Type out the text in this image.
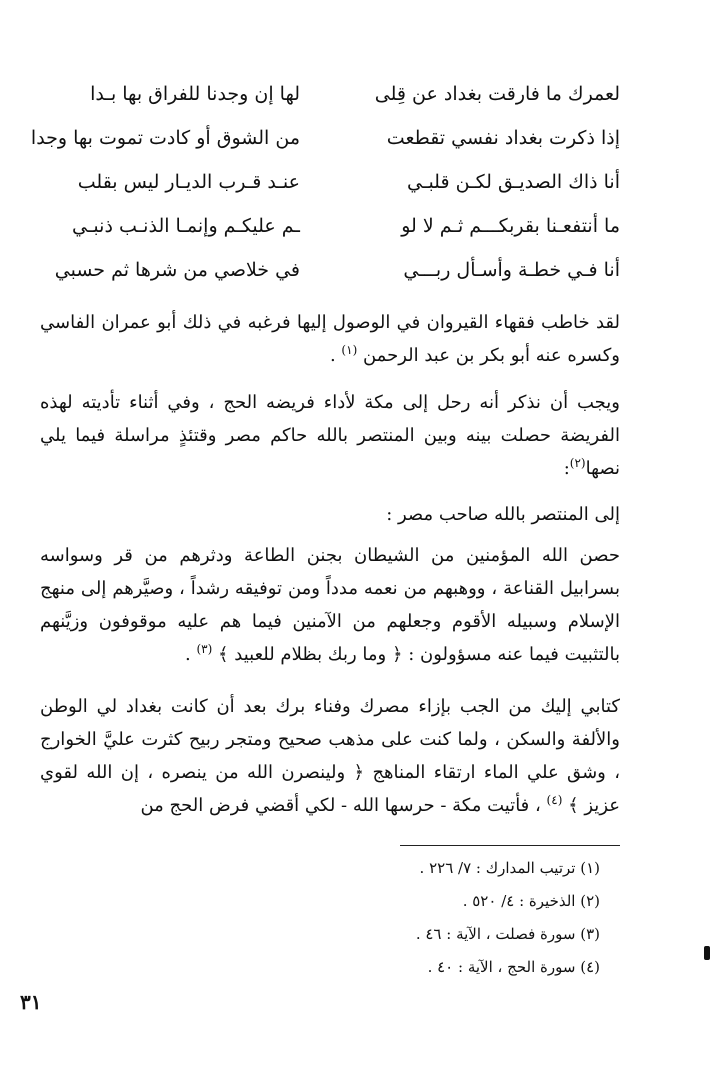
لعمرك ما فارقت بغداد عن قِلى
لها إن وجدنا للفراق بها بـدا
إذا ذكرت بغداد نفسي تقطعت
من الشوق أو كادت تموت بها وجدا
أنا ذاك الصديـق لكـن قلبـي
عنـد قـرب الديـار ليس بقلب
ما أنتفعـنا بقربكـــم ثـم لا لو
ـم عليكـم وإنمـا الذنـب ذنبـي
أنا فـي خطـة وأسـأل ربـــي
في خلاصي من شرها ثم حسبي

لقد خاطب فقهاء القيروان في الوصول إليها فرغبه في ذلك أبو عمران الفاسي وكسره عنه أبو بكر بن عبد الرحمن $^{(١)}$ .

ويجب أن نذكر أنه رحل إلى مكة لأداء فريضه الحج ، وفي أثناء تأديته لهذه الفريضة حصلت بينه وبين المنتصر بالله حاكم مصر وقتئذٍ مراسلة فيما يلي نصها$^{(٢)}$:

إلى المنتصر بالله صاحب مصر :

حصن الله المؤمنين من الشيطان بجنن الطاعة ودثرهم من قر وسواسه بسرابيل القناعة ، ووهبهم من نعمه مدداً ومن توفيقه رشداً ، وصيَّرهم إلى منهج الإسلام وسبيله الأقوم وجعلهم من الآمنين فيما هم عليه موقوفون وزيَّنهم بالتثبيت فيما عنه مسؤولون : ﴿ وما ربك بظلام للعبيد ﴾ $^{(٣)}$ .

كتابي إليك من الجب بإزاء مصرك وفناء برك بعد أن كانت بغداد لي الوطن والألفة والسكن ، ولما كنت على مذهب صحيح ومتجر ربيح كثرت عليَّ الخوارج ، وشق علي الماء ارتقاء المناهج ﴿ ولينصرن الله من ينصره ، إن الله لقوي عزيز ﴾ $^{(٤)}$ ، فأتيت مكة - حرسها الله - لكي أقضي فرض الحج من

(١) ترتيب المدارك : ٧/ ٢٢٦ .
(٢) الذخيرة : ٤/ ٥٢٠ .
(٣) سورة فصلت ، الآية : ٤٦ .
(٤) سورة الحج ، الآية : ٤٠ .
٣١
